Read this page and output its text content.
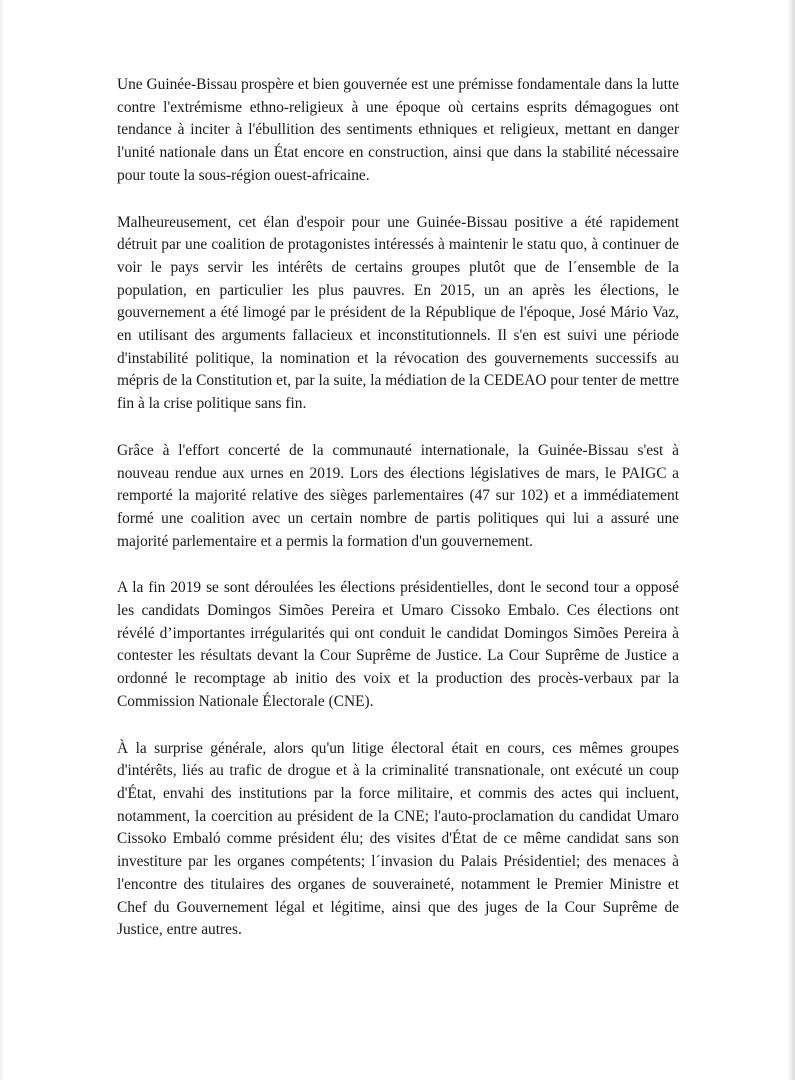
Une Guinée-Bissau prospère et bien gouvernée est une prémisse fondamentale dans la lutte contre l'extrémisme ethno-religieux à une époque où certains esprits démagogues ont tendance à inciter à l'ébullition des sentiments ethniques et religieux, mettant en danger l'unité nationale dans un État encore en construction, ainsi que dans la stabilité nécessaire pour toute la sous-région ouest-africaine.

Malheureusement, cet élan d'espoir pour une Guinée-Bissau positive a été rapidement détruit par une coalition de protagonistes intéressés à maintenir le statu quo, à continuer de voir le pays servir les intérêts de certains groupes plutôt que de l´ensemble de la population, en particulier les plus pauvres. En 2015, un an après les élections, le gouvernement a été limogé par le président de la République de l'époque, José Mário Vaz, en utilisant des arguments fallacieux et inconstitutionnels. Il s'en est suivi une période d'instabilité politique, la nomination et la révocation des gouvernements successifs au mépris de la Constitution et, par la suite, la médiation de la CEDEAO pour tenter de mettre fin à la crise politique sans fin.

Grâce à l'effort concerté de la communauté internationale, la Guinée-Bissau s'est à nouveau rendue aux urnes en 2019. Lors des élections législatives de mars, le PAIGC a remporté la majorité relative des sièges parlementaires (47 sur 102) et a immédiatement formé une coalition avec un certain nombre de partis politiques qui lui a assuré une majorité parlementaire et a permis la formation d'un gouvernement.

A la fin 2019 se sont déroulées les élections présidentielles, dont le second tour a opposé les candidats Domingos Simões Pereira et Umaro Cissoko Embalo. Ces élections ont révélé d’importantes irrégularités qui ont conduit le candidat Domingos Simões Pereira à contester les résultats devant la Cour Suprême de Justice. La Cour Suprême de Justice a ordonné le recomptage ab initio des voix et la production des procès-verbaux par la Commission Nationale Électorale (CNE).

À la surprise générale, alors qu'un litige électoral était en cours, ces mêmes groupes d'intérêts, liés au trafic de drogue et à la criminalité transnationale, ont exécuté un coup d'État, envahi des institutions par la force militaire, et commis des actes qui incluent, notamment, la coercition au président de la CNE; l'auto-proclamation du candidat Umaro Cissoko Embaló comme président élu; des visites d'État de ce même candidat sans son investiture par les organes compétents; l´invasion du Palais Présidentiel; des menaces à l'encontre des titulaires des organes de souveraineté, notamment le Premier Ministre et Chef du Gouvernement légal et légitime, ainsi que des juges de la Cour Suprême de Justice, entre autres.
